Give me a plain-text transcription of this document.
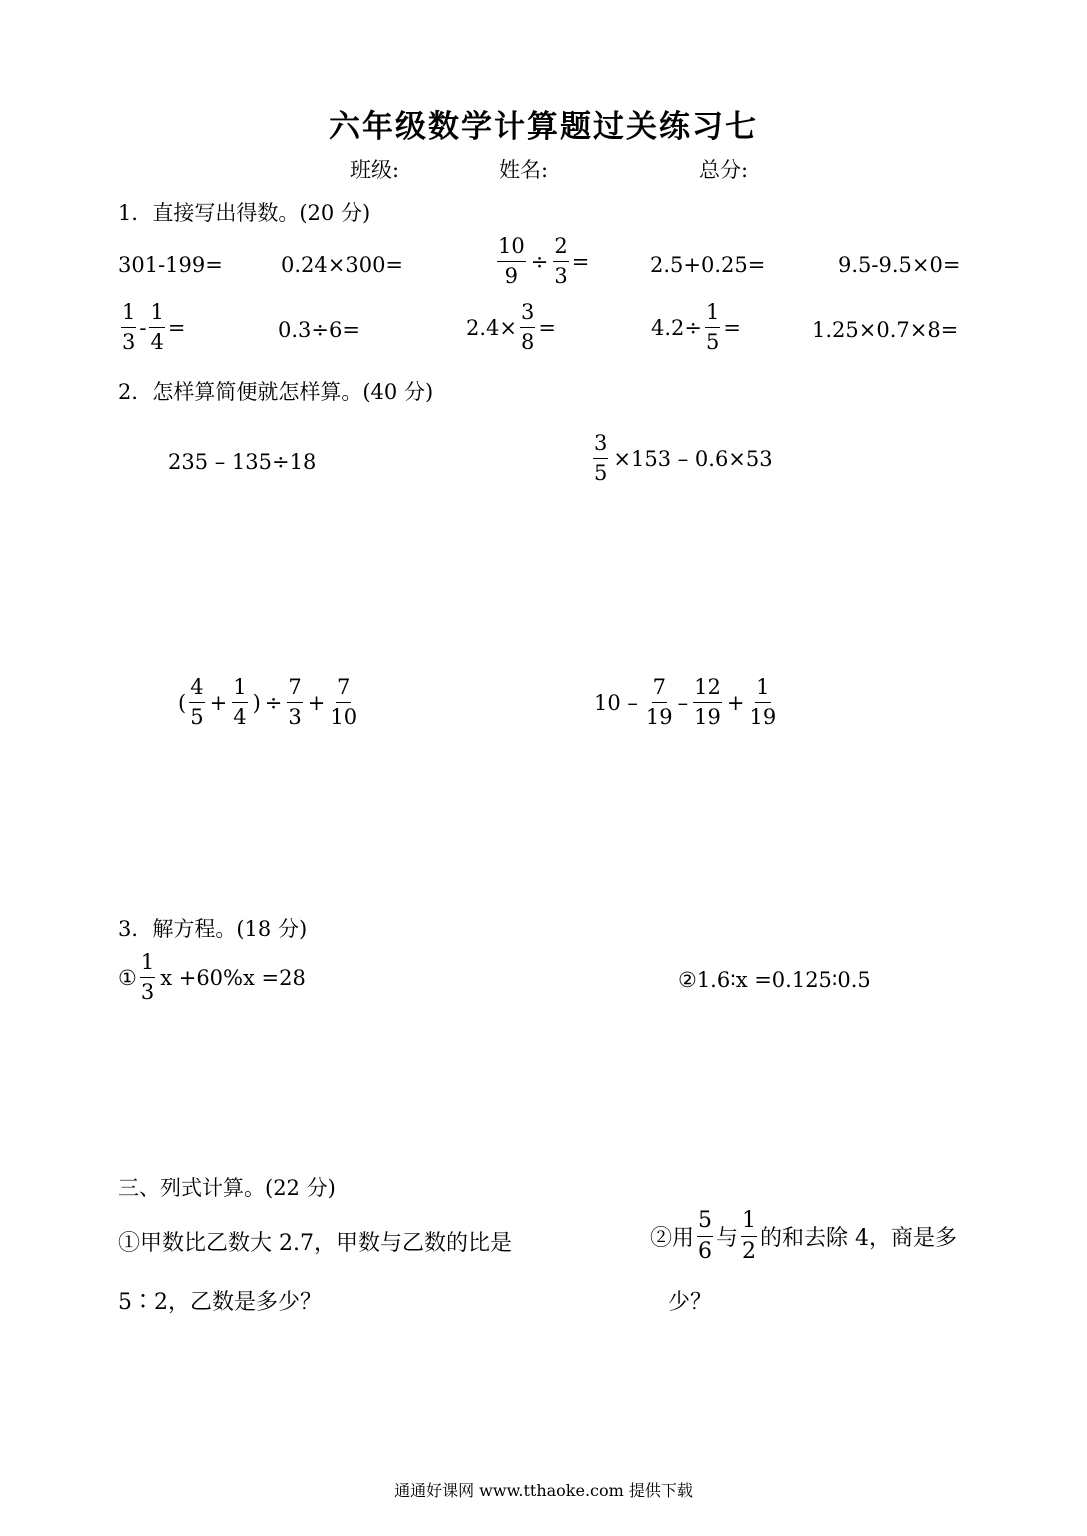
六年级数学计算题过关练习七
班级:	姓名:	总分:
1．直接写出得数。(20 分)
301-199=	0.24×300=	$\frac{10}{9} \div \frac{2}{3}$ =	2.5+0.25=	9.5-9.5×0=
$\frac{1}{3} - \frac{1}{4}$ =	0.3÷6=	$2.4\times \frac{3}{8}$ =	$4.2\div \frac{1}{5}$ =	1.25×0.7×8=
2．怎样算简便就怎样算。(40 分)
235 – 135÷18	$\frac{3}{5} \times 153 - 0.6\times 53$
( $\frac{4}{5} + \frac{1}{4}$ ) ÷ $\frac{7}{3} + \frac{7}{10}$	$10 - \frac{7}{19} - \frac{12}{19} + \frac{1}{19}$
3．解方程。(18 分)
① $\frac{1}{3}$ x +60%x =28	②1.6∶x =0.125∶0.5
三、列式计算。(22 分)
①甲数比乙数大 2.7，甲数与乙数的比是
5∶2，乙数是多少？
②用 $\frac{5}{6}$ 与 $\frac{1}{2}$ 的和去除 4，商是多
少？
通通好课网 www.tthaoke.com 提供下载
